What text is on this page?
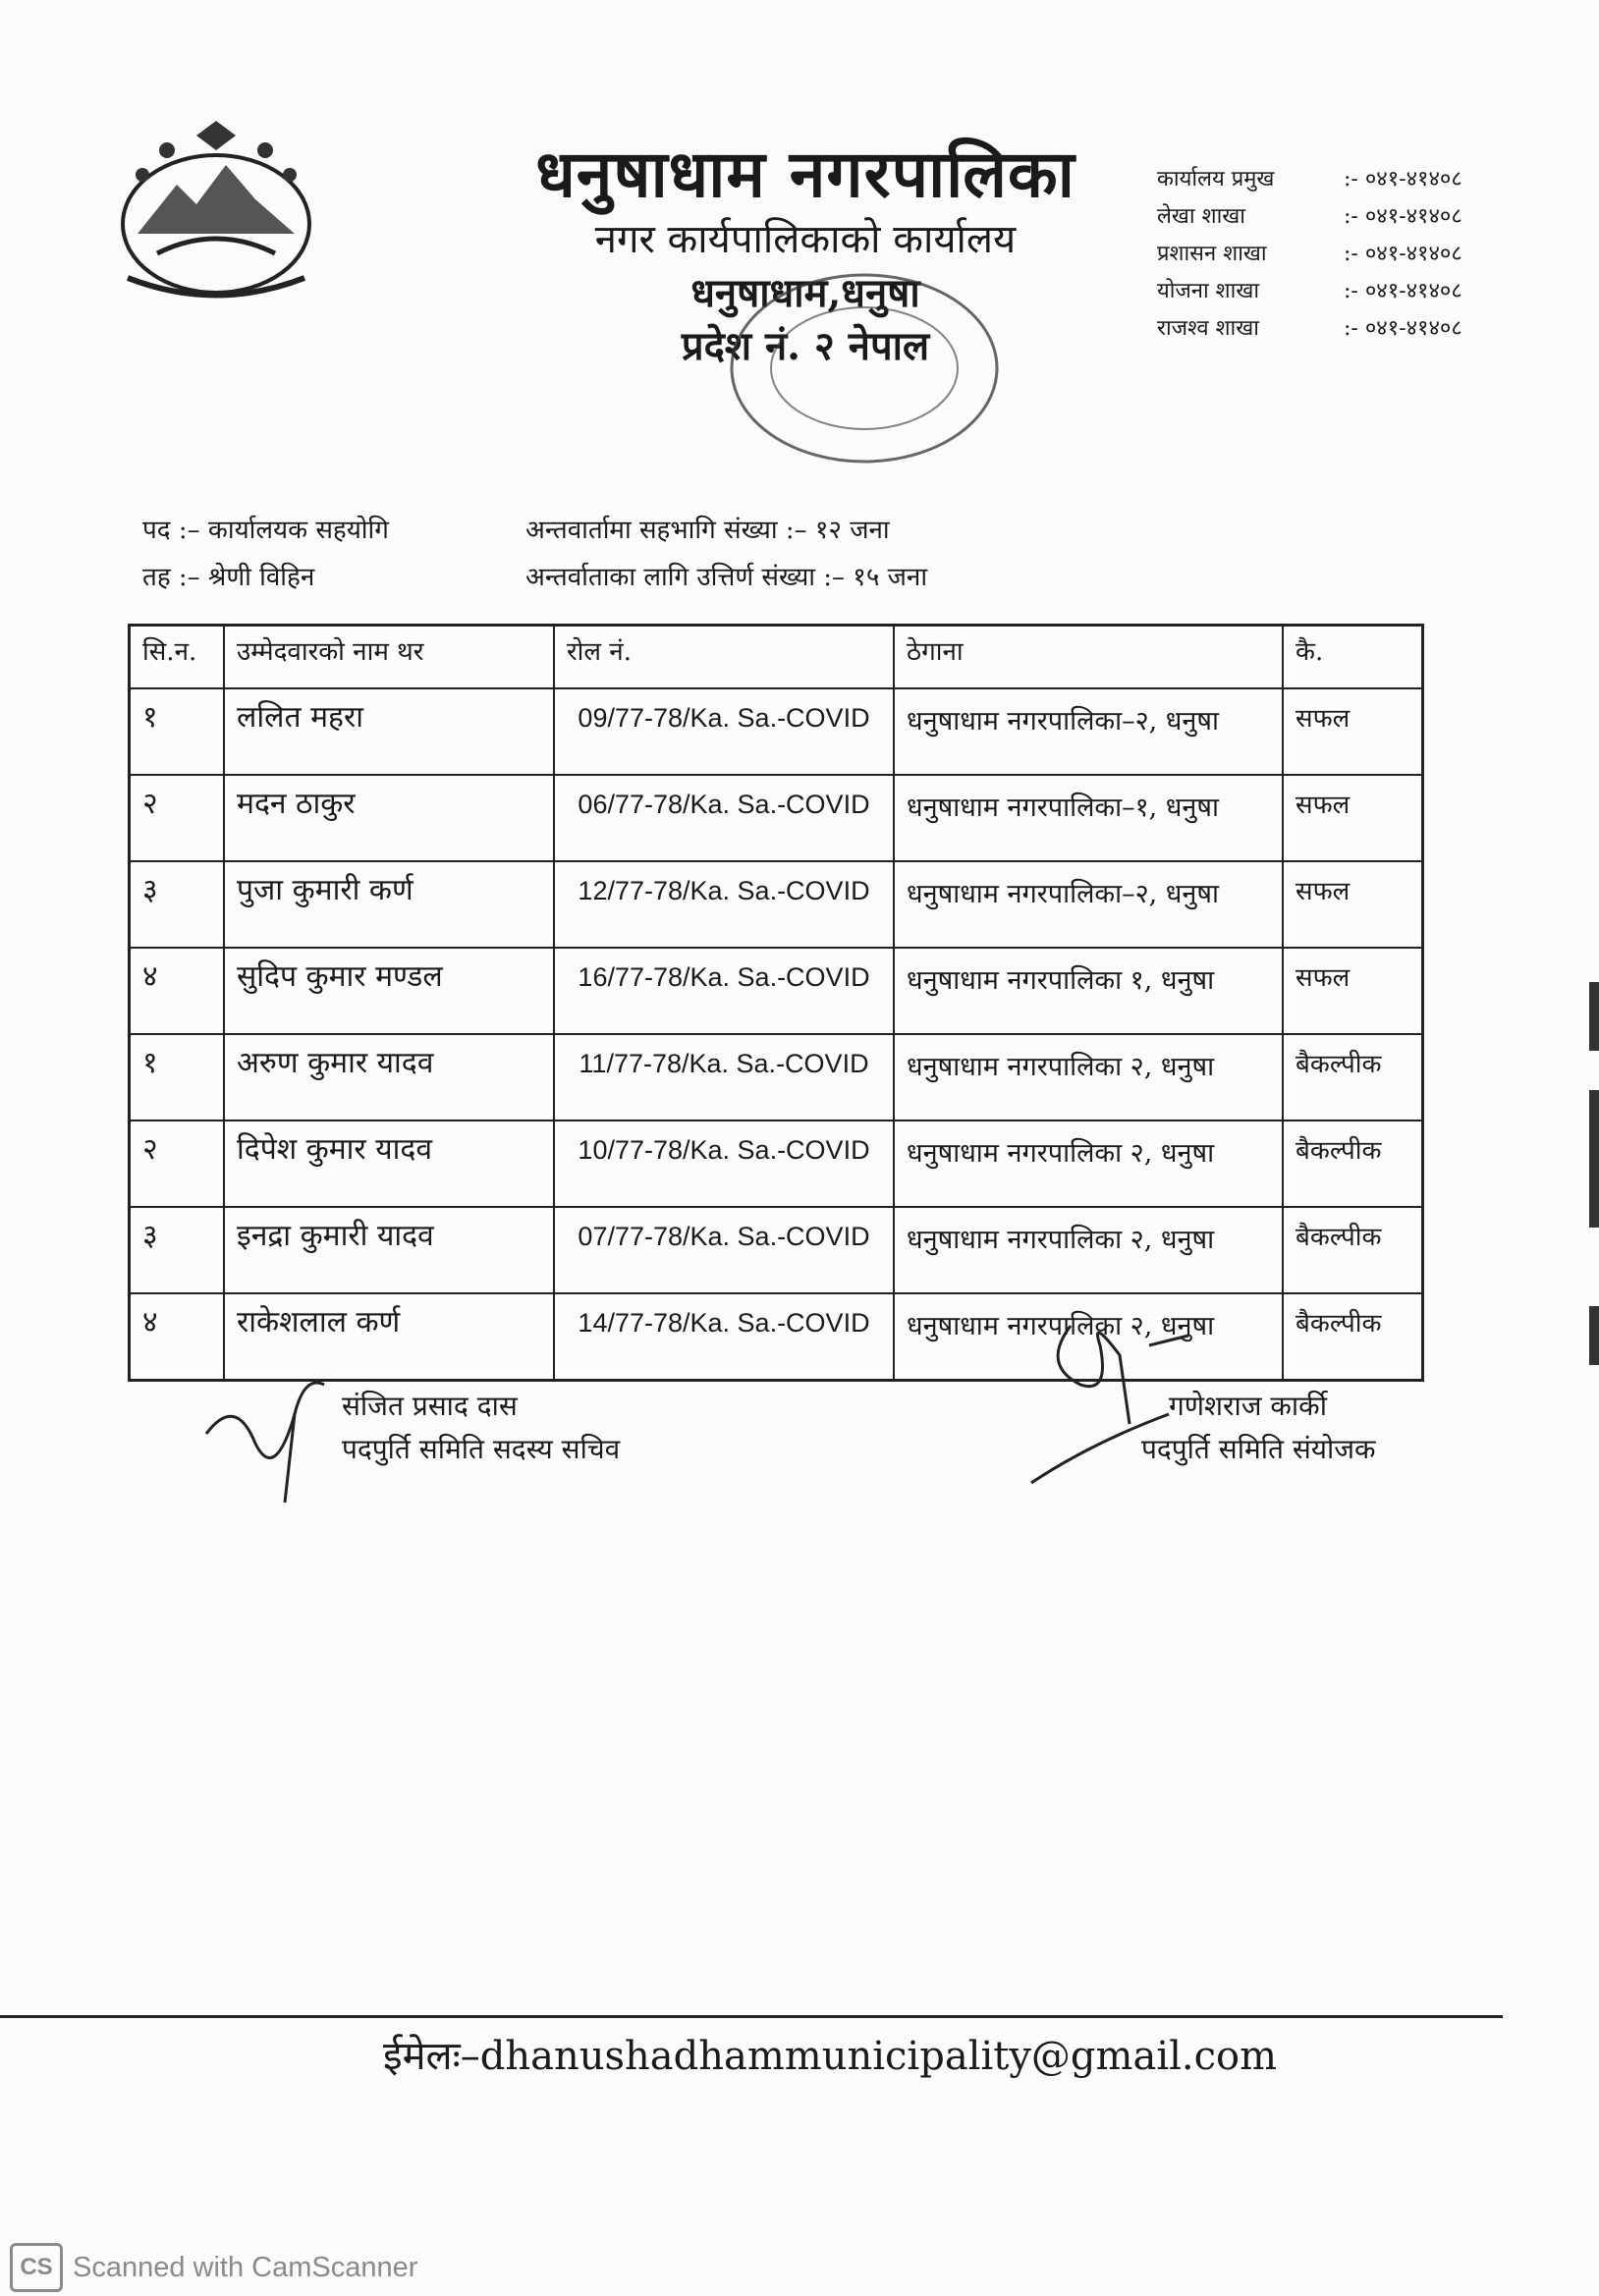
धनुषाधाम नगरपालिका
नगर कार्यपालिकाको कार्यालय
धनुषाधाम,धनुषा
प्रदेश नं. २ नेपाल
कार्यालय प्रमुख	:- ०४१-४१४०८
लेखा शाखा	:- ०४१-४१४०८
प्रशासन शाखा	:- ०४१-४१४०८
योजना शाखा	:- ०४१-४१४०८
राजश्व शाखा	:- ०४१-४१४०८
पद :– कार्यालयक सहयोगि
तह :– श्रेणी विहिन
अन्तवार्तामा सहभागि संख्या :– १२ जना
अन्तर्वाताका लागि उत्तिर्ण संख्या :– १५ जना
सि.न.	उम्मेदवारको नाम थर	रोल नं.	ठेगाना	कै.
१	ललित महरा	09/77-78/Ka. Sa.-COVID	धनुषाधाम नगरपालिका–२, धनुषा	सफल
२	मदन ठाकुर	06/77-78/Ka. Sa.-COVID	धनुषाधाम नगरपालिका–१, धनुषा	सफल
३	पुजा कुमारी कर्ण	12/77-78/Ka. Sa.-COVID	धनुषाधाम नगरपालिका–२, धनुषा	सफल
४	सुदिप कुमार मण्डल	16/77-78/Ka. Sa.-COVID	धनुषाधाम नगरपालिका १, धनुषा	सफल
१	अरुण कुमार यादव	11/77-78/Ka. Sa.-COVID	धनुषाधाम नगरपालिका २, धनुषा	बैकल्पीक
२	दिपेश कुमार यादव	10/77-78/Ka. Sa.-COVID	धनुषाधाम नगरपालिका २, धनुषा	बैकल्पीक
३	इनद्रा कुमारी यादव	07/77-78/Ka. Sa.-COVID	धनुषाधाम नगरपालिका २, धनुषा	बैकल्पीक
४	राकेशलाल कर्ण	14/77-78/Ka. Sa.-COVID	धनुषाधाम नगरपालिका २, धनुषा	बैकल्पीक
संजित प्रसाद दास
पदपुर्ति समिति सदस्य सचिव
गणेशराज कार्की
पदपुर्ति समिति संयोजक
ईमेलः–dhanushadhammunicipality@gmail.com
CS Scanned with CamScanner
